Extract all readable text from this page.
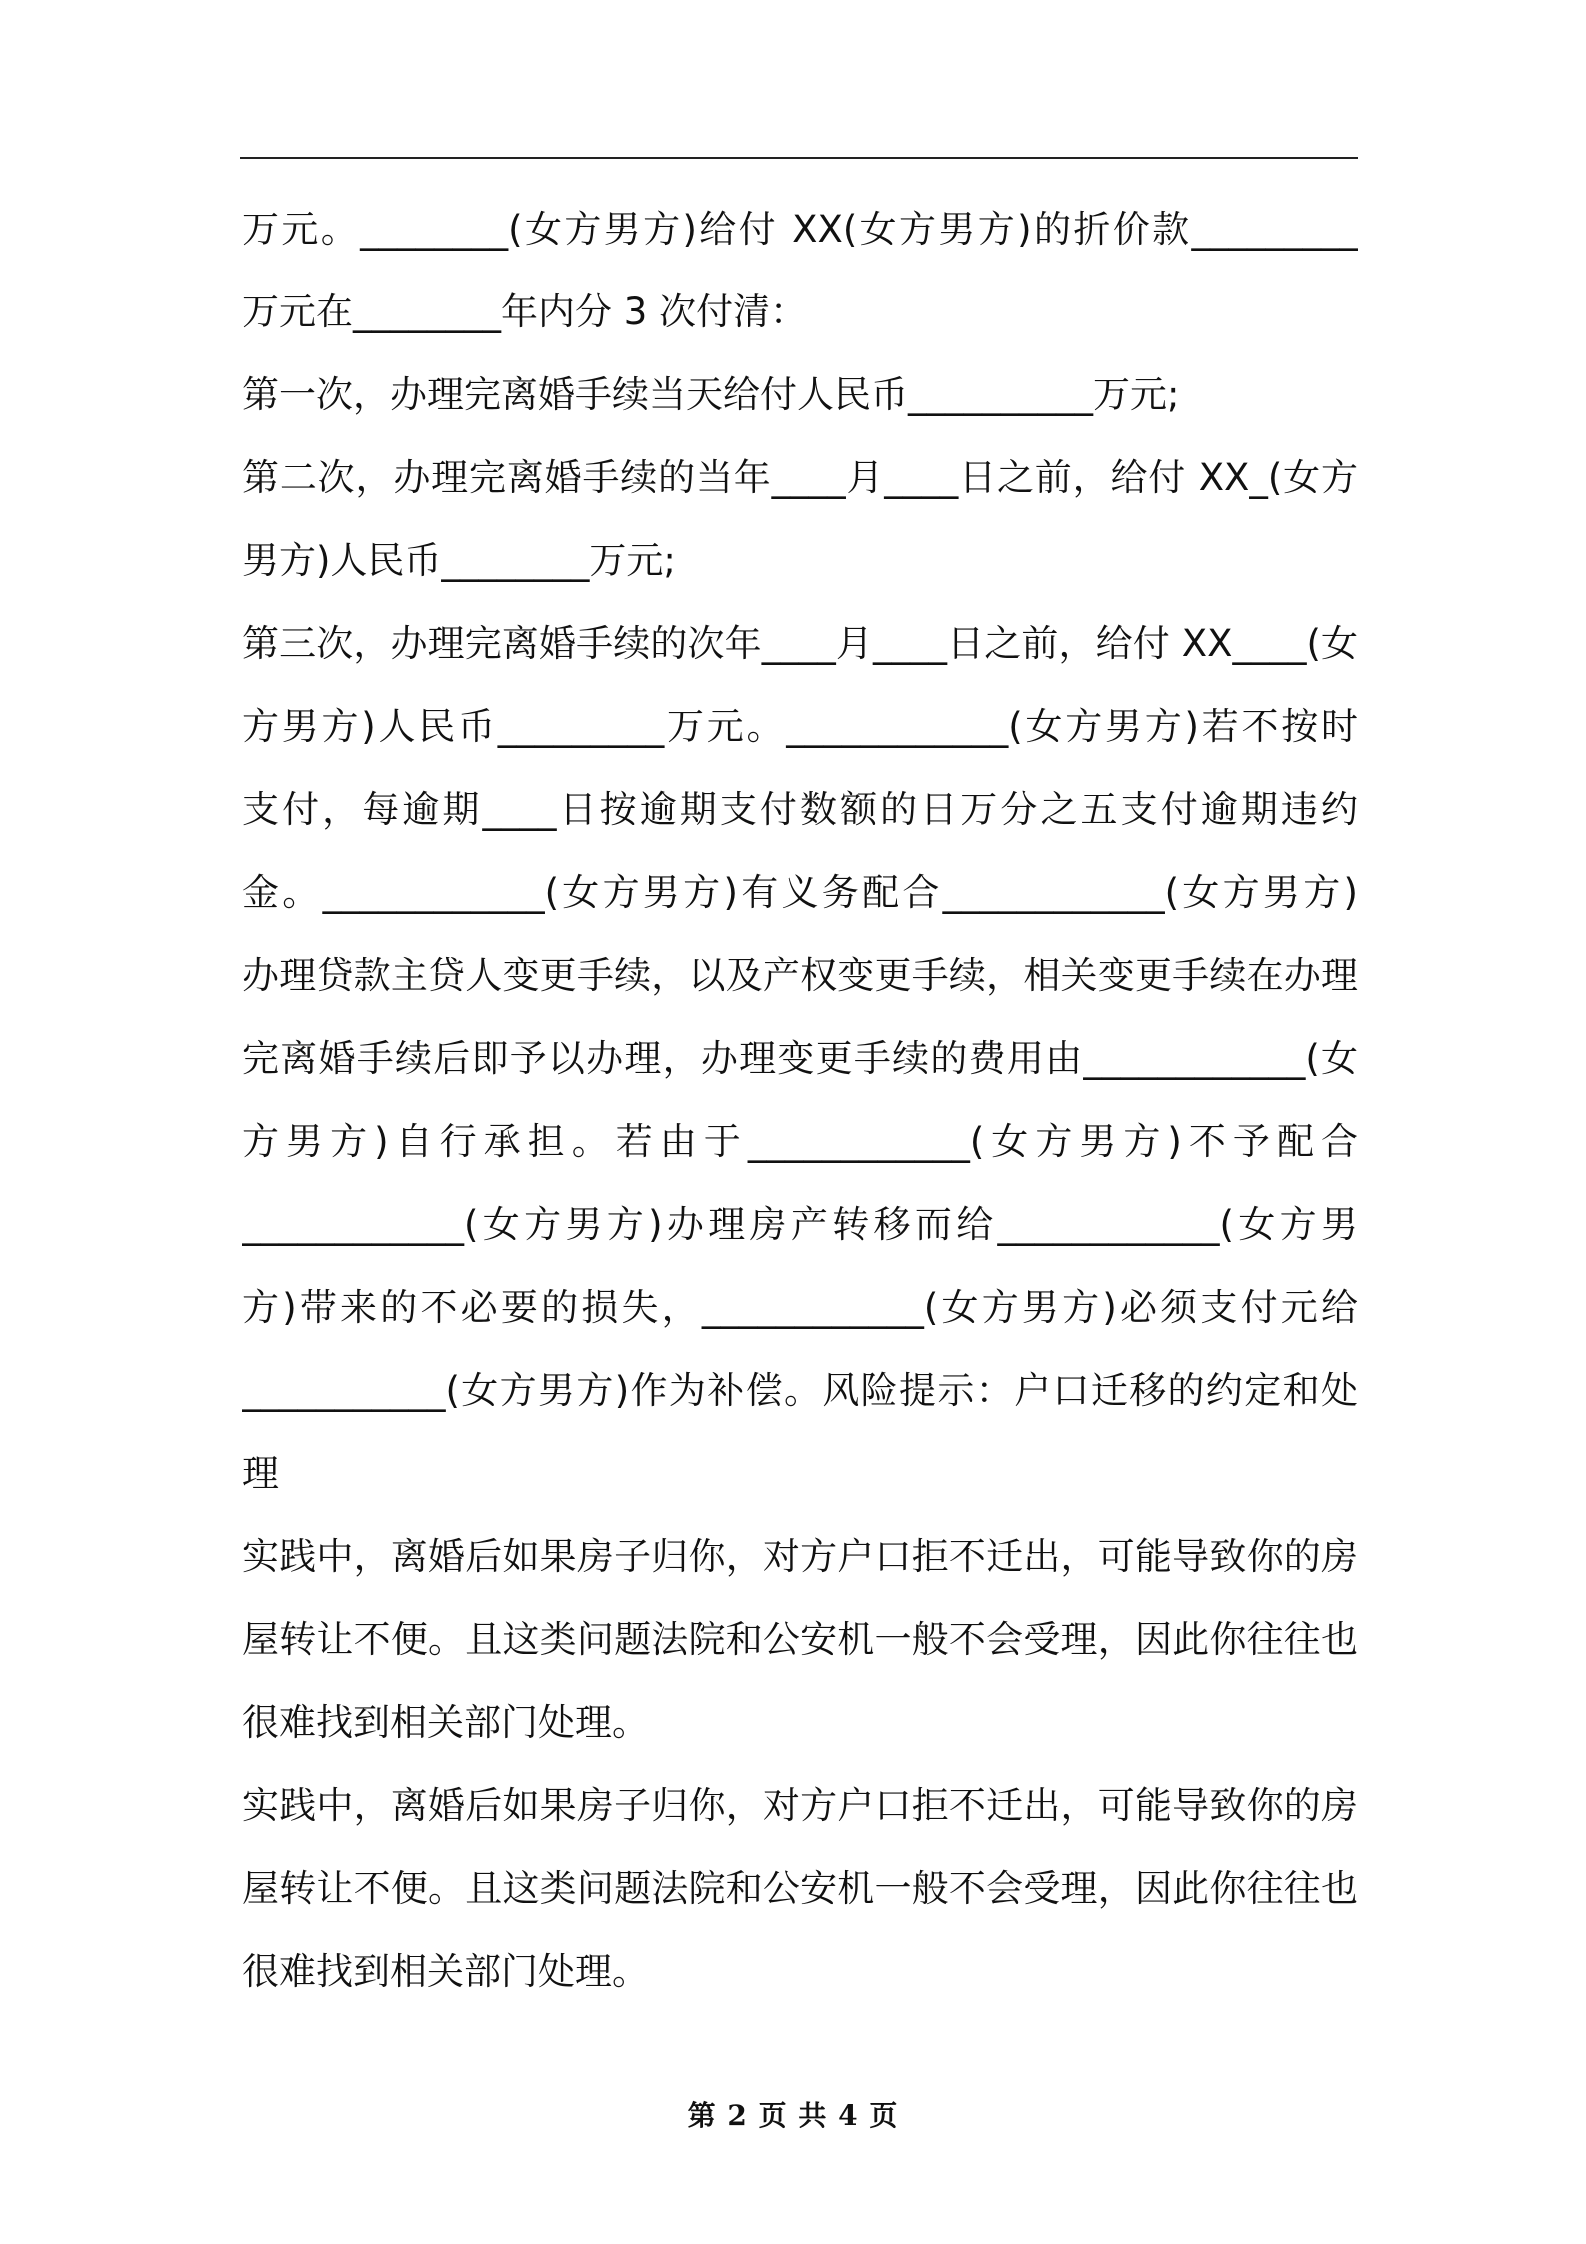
万元。________(女方男方)给付 XX(女方男方)的折价款_________
万元在________年内分 3 次付清：
第一次，办理完离婚手续当天给付人民币__________万元;
第二次，办理完离婚手续的当年____月____日之前，给付 XX_(女方
男方)人民币________万元;
第三次，办理完离婚手续的次年____月____日之前，给付 XX____(女
方男方)人民币_________万元。____________(女方男方)若不按时
支付，每逾期____日按逾期支付数额的日万分之五支付逾期违约
金。____________(女方男方)有义务配合____________(女方男方)
办理贷款主贷人变更手续，以及产权变更手续，相关变更手续在办理
完离婚手续后即予以办理，办理变更手续的费用由____________(女
方男方)自行承担。若由于____________(女方男方)不予配合
____________(女方男方)办理房产转移而给____________(女方男
方)带来的不必要的损失，____________(女方男方)必须支付元给
___________(女方男方)作为补偿。风险提示：户口迁移的约定和处
理
实践中，离婚后如果房子归你，对方户口拒不迁出，可能导致你的房
屋转让不便。且这类问题法院和公安机一般不会受理，因此你往往也
很难找到相关部门处理。
实践中，离婚后如果房子归你，对方户口拒不迁出，可能导致你的房
屋转让不便。且这类问题法院和公安机一般不会受理，因此你往往也
很难找到相关部门处理。
第 2 页 共 4 页
